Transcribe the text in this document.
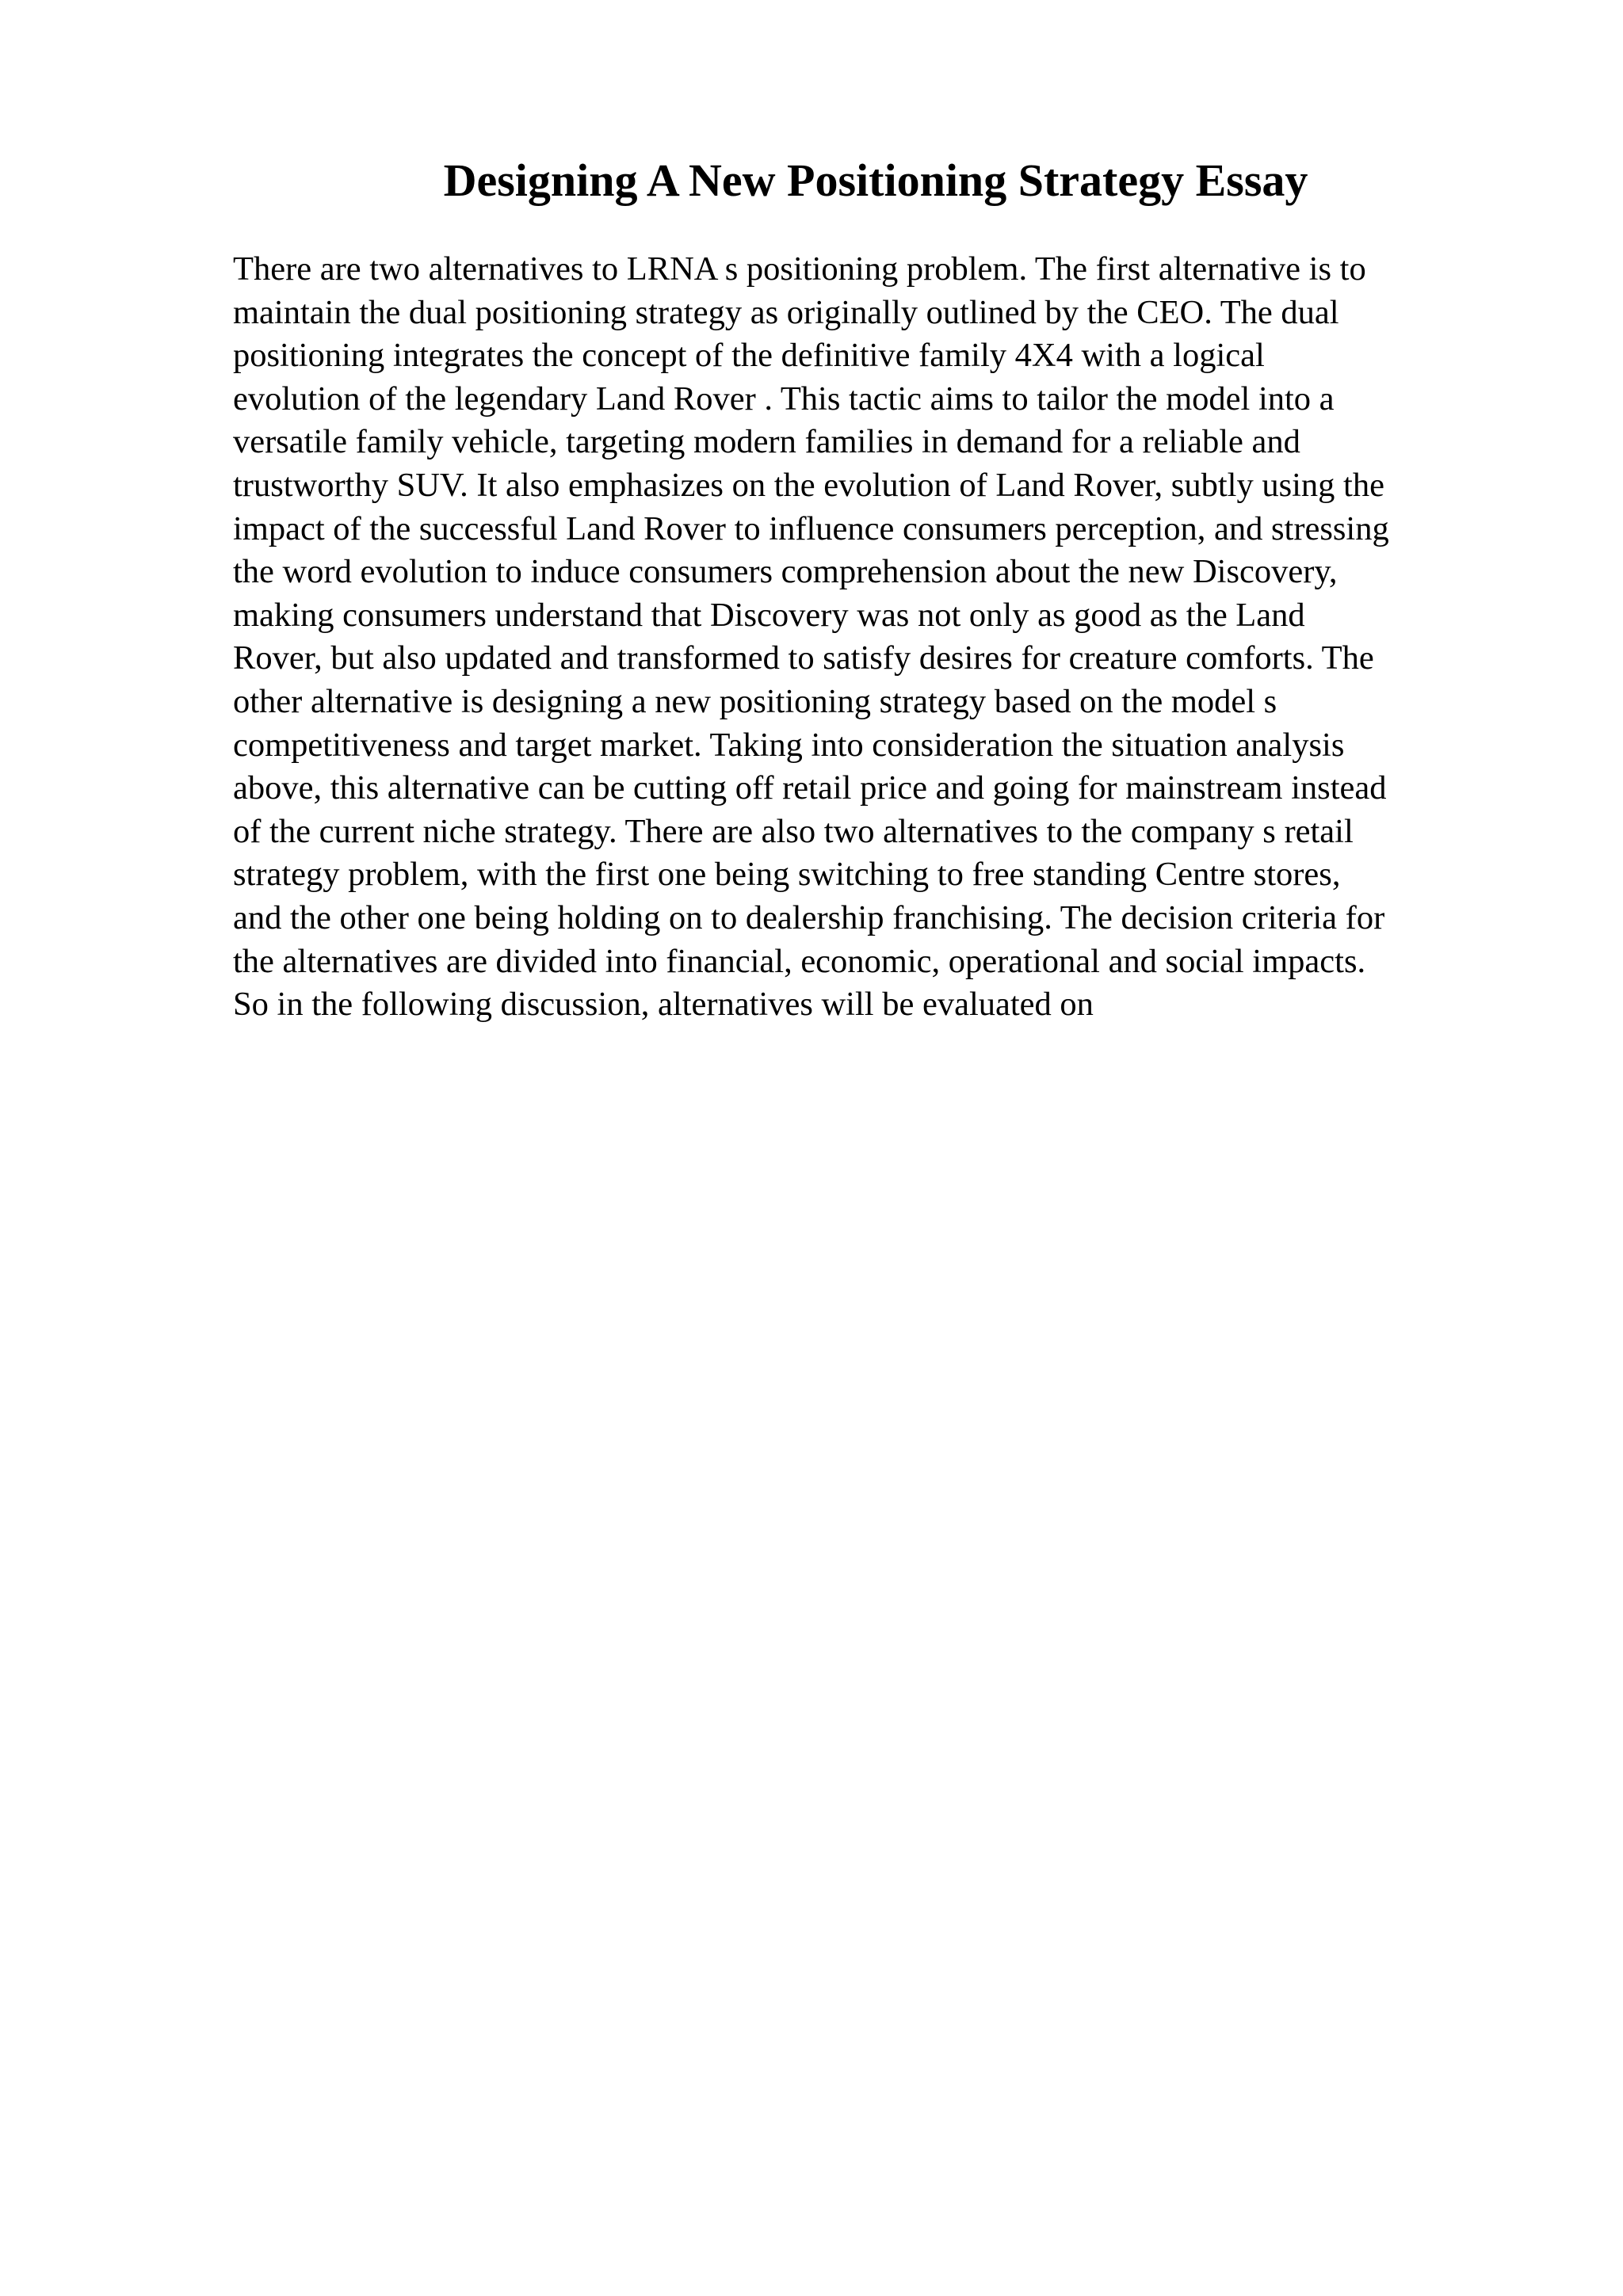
Designing A New Positioning Strategy Essay
There are two alternatives to LRNA s positioning problem. The first alternative is to
maintain the dual positioning strategy as originally outlined by the CEO. The dual
positioning integrates the concept of the definitive family 4X4 with a logical
evolution of the legendary Land Rover . This tactic aims to tailor the model into a
versatile family vehicle, targeting modern families in demand for a reliable and
trustworthy SUV. It also emphasizes on the evolution of Land Rover, subtly using the
impact of the successful Land Rover to influence consumers perception, and stressing
the word evolution to induce consumers comprehension about the new Discovery,
making consumers understand that Discovery was not only as good as the Land
Rover, but also updated and transformed to satisfy desires for creature comforts. The
other alternative is designing a new positioning strategy based on the model s
competitiveness and target market. Taking into consideration the situation analysis
above, this alternative can be cutting off retail price and going for mainstream instead
of the current niche strategy. There are also two alternatives to the company s retail
strategy problem, with the first one being switching to free standing Centre stores,
and the other one being holding on to dealership franchising. The decision criteria for
the alternatives are divided into financial, economic, operational and social impacts.
So in the following discussion, alternatives will be evaluated on
